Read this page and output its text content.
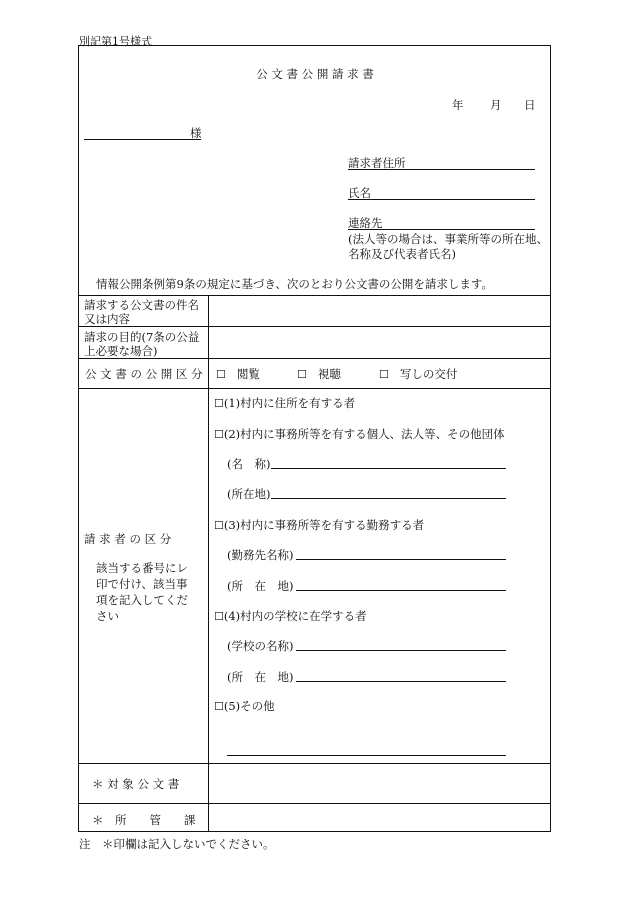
別記第1号様式
公 文 書 公 開 請 求 書
年 月 日
様
請求者住所
氏名
連絡先
(法人等の場合は、事業所等の所在地、
名称及び代表者氏名)
情報公開条例第9条の規定に基づき、次のとおり公文書の公開を請求します。
請求する公文書の件名
又は内容
請求の目的(7条の公益
上必要な場合)
公 文 書 の 公 開 区 分 ☐ 閲覧	☐ 視聴	☐ 写しの交付
請 求 者 の 区 分
該当する番号にレ
印で付け、該当事
項を記入してくだ
さい
☐(1)村内に住所を有する者
☐(2)村内に事務所等を有する個人、法人等、その他団体
(名　称)
(所在地)
☐(3)村内に事務所等を有する勤務する者
(勤務先名称)
(所　在　地)
☐(4)村内の学校に在学する者
(学校の名称)
(所　在　地)
☐(5)その他
＊ 対 象 公 文 書
＊　所　　管　　課
注　＊印欄は記入しないでください。
